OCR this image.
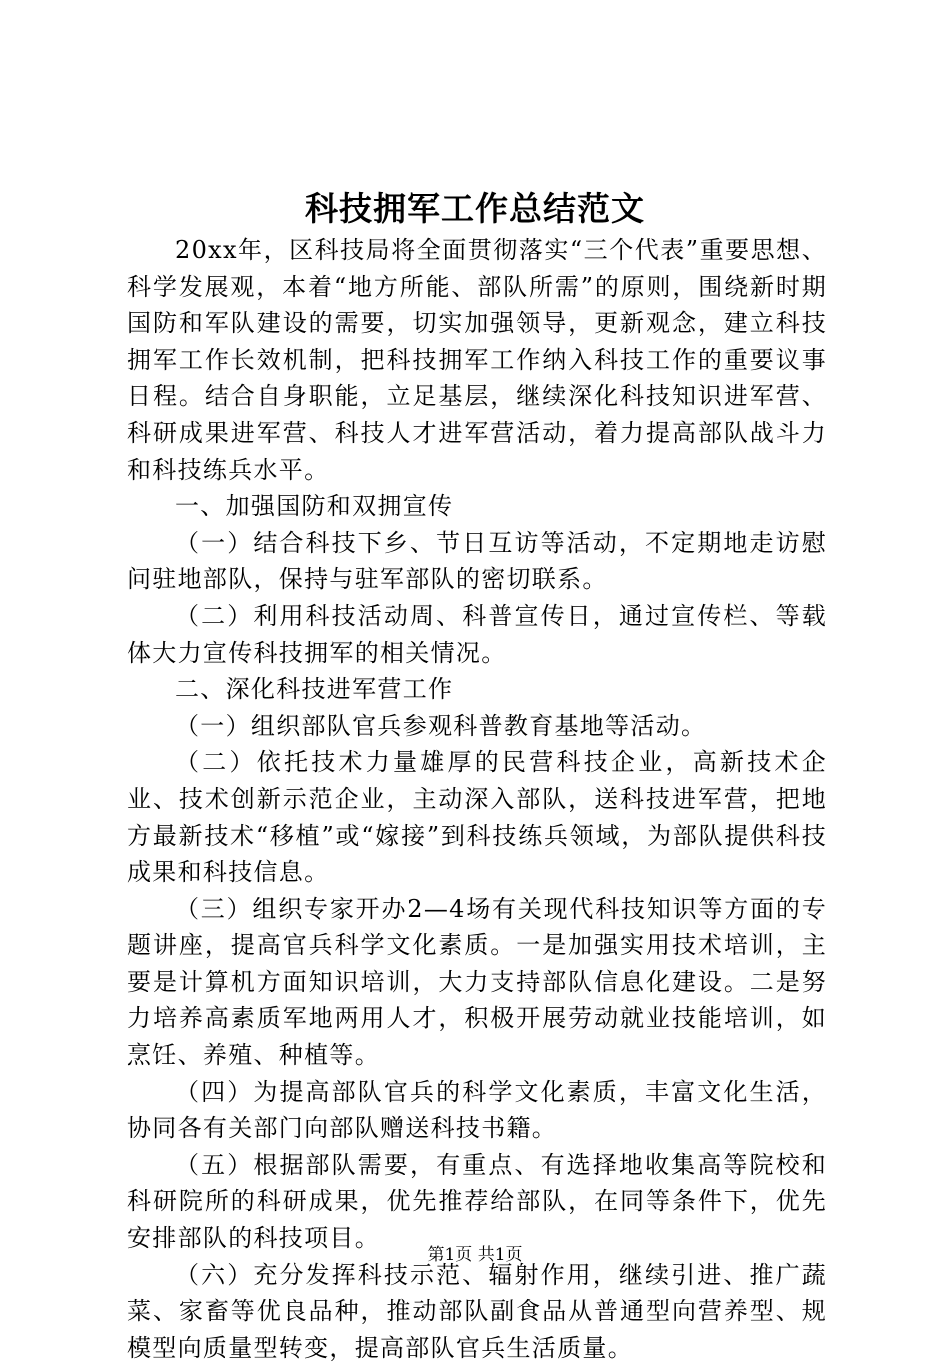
科技拥军工作总结范文

20xx年，区科技局将全面贯彻落实“三个代表”重要思想、科学发展观，本着“地方所能、部队所需”的原则，围绕新时期国防和军队建设的需要，切实加强领导，更新观念，建立科技拥军工作长效机制，把科技拥军工作纳入科技工作的重要议事日程。结合自身职能，立足基层，继续深化科技知识进军营、科研成果进军营、科技人才进军营活动，着力提高部队战斗力和科技练兵水平。

一、加强国防和双拥宣传

（一）结合科技下乡、节日互访等活动，不定期地走访慰问驻地部队，保持与驻军部队的密切联系。

（二）利用科技活动周、科普宣传日，通过宣传栏、等载体大力宣传科技拥军的相关情况。

二、深化科技进军营工作

（一）组织部队官兵参观科普教育基地等活动。

（二）依托技术力量雄厚的民营科技企业，高新技术企业、技术创新示范企业，主动深入部队，送科技进军营，把地方最新技术“移植”或“嫁接”到科技练兵领域，为部队提供科技成果和科技信息。

（三）组织专家开办2—4场有关现代科技知识等方面的专题讲座，提高官兵科学文化素质。一是加强实用技术培训，主要是计算机方面知识培训，大力支持部队信息化建设。二是努力培养高素质军地两用人才，积极开展劳动就业技能培训，如烹饪、养殖、种植等。

（四）为提高部队官兵的科学文化素质，丰富文化生活，协同各有关部门向部队赠送科技书籍。

（五）根据部队需要，有重点、有选择地收集高等院校和科研院所的科研成果，优先推荐给部队，在同等条件下，优先安排部队的科技项目。

（六）充分发挥科技示范、辐射作用，继续引进、推广蔬菜、家畜等优良品种，推动部队副食品从普通型向营养型、规模型向质量型转变，提高部队官兵生活质量。

第1页 共1页
